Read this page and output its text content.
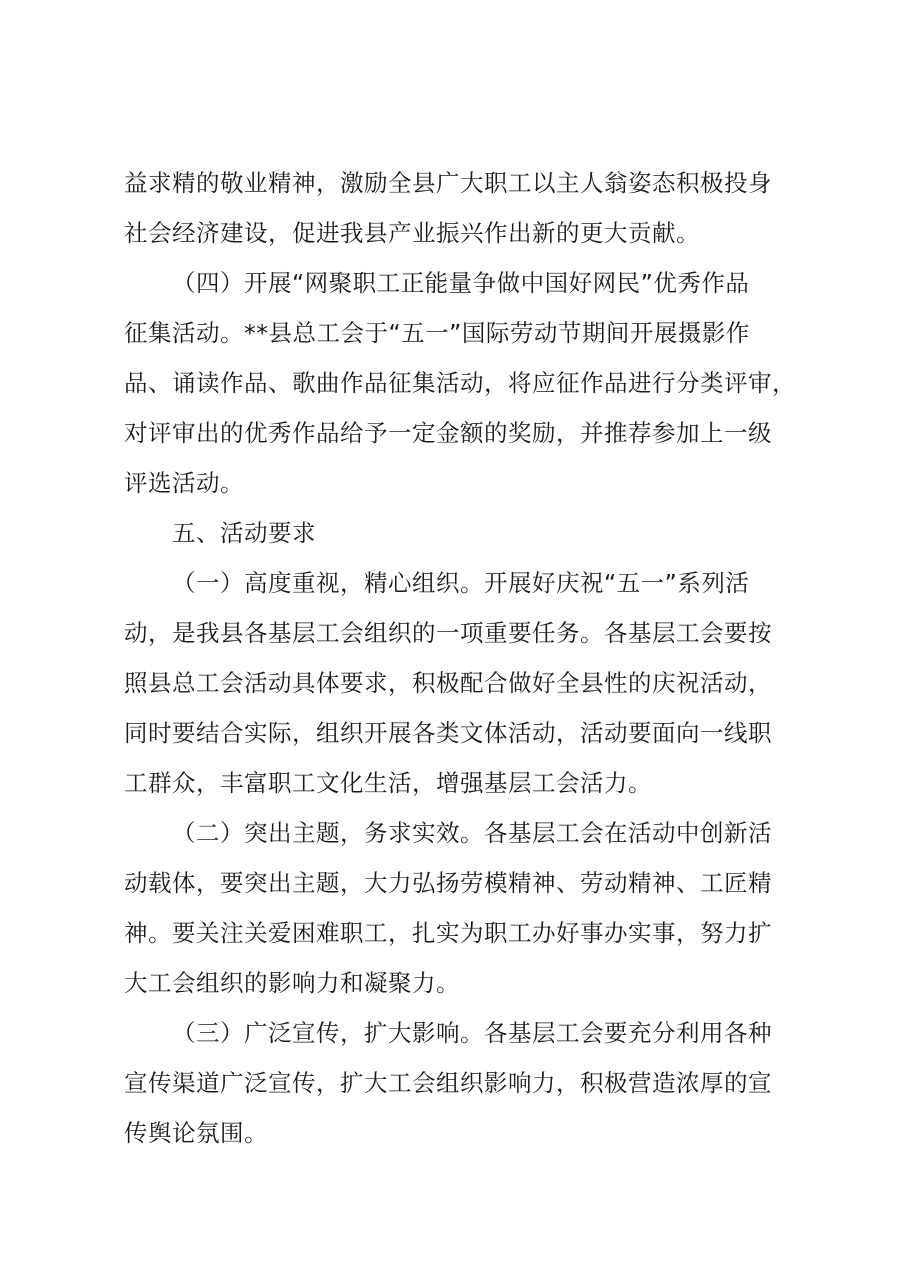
益求精的敬业精神，激励全县广大职工以主人翁姿态积极投身
社会经济建设，促进我县产业振兴作出新的更大贡献。
（四）开展“网聚职工正能量争做中国好网民”优秀作品
征集活动。**县总工会于“五一”国际劳动节期间开展摄影作
品、诵读作品、歌曲作品征集活动，将应征作品进行分类评审，
对评审出的优秀作品给予一定金额的奖励，并推荐参加上一级
评选活动。
五、活动要求
（一）高度重视，精心组织。开展好庆祝“五一”系列活
动，是我县各基层工会组织的一项重要任务。各基层工会要按
照县总工会活动具体要求，积极配合做好全县性的庆祝活动，
同时要结合实际，组织开展各类文体活动，活动要面向一线职
工群众，丰富职工文化生活，增强基层工会活力。
（二）突出主题，务求实效。各基层工会在活动中创新活
动载体，要突出主题，大力弘扬劳模精神、劳动精神、工匠精
神。要关注关爱困难职工，扎实为职工办好事办实事，努力扩
大工会组织的影响力和凝聚力。
（三）广泛宣传，扩大影响。各基层工会要充分利用各种
宣传渠道广泛宣传，扩大工会组织影响力，积极营造浓厚的宣
传舆论氛围。
